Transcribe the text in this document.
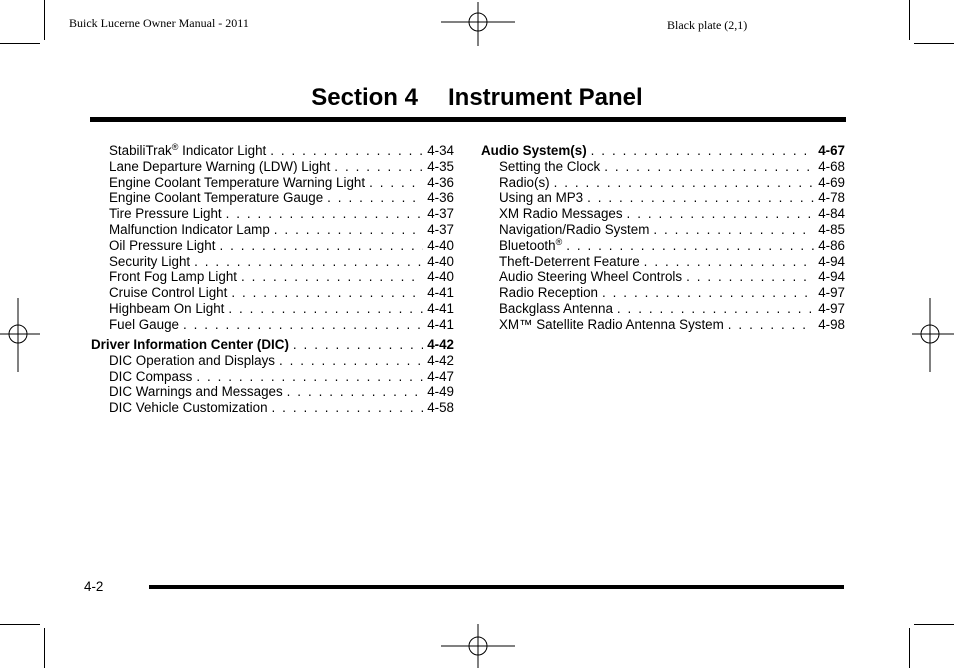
Buick Lucerne Owner Manual - 2011	Black plate (2,1)
Section 4 Instrument Panel
StabiliTrak® Indicator Light . . .	4-34
Lane Departure Warning (LDW) Light . . .	4-35
Engine Coolant Temperature Warning Light . . .	4-36
Engine Coolant Temperature Gauge . . .	4-36
Tire Pressure Light . . .	4-37
Malfunction Indicator Lamp . . .	4-37
Oil Pressure Light . . .	4-40
Security Light . . .	4-40
Front Fog Lamp Light . . .	4-40
Cruise Control Light . . .	4-41
Highbeam On Light . . .	4-41
Fuel Gauge . . .	4-41
Driver Information Center (DIC) . . .	4-42
DIC Operation and Displays . . .	4-42
DIC Compass . . .	4-47
DIC Warnings and Messages . . .	4-49
DIC Vehicle Customization . . .	4-58
Audio System(s) . . .	4-67
Setting the Clock . . .	4-68
Radio(s) . . .	4-69
Using an MP3 . . .	4-78
XM Radio Messages . . .	4-84
Navigation/Radio System . . .	4-85
Bluetooth® . . .	4-86
Theft-Deterrent Feature . . .	4-94
Audio Steering Wheel Controls . . .	4-94
Radio Reception . . .	4-97
Backglass Antenna . . .	4-97
XM™ Satellite Radio Antenna System . . .	4-98
4-2
